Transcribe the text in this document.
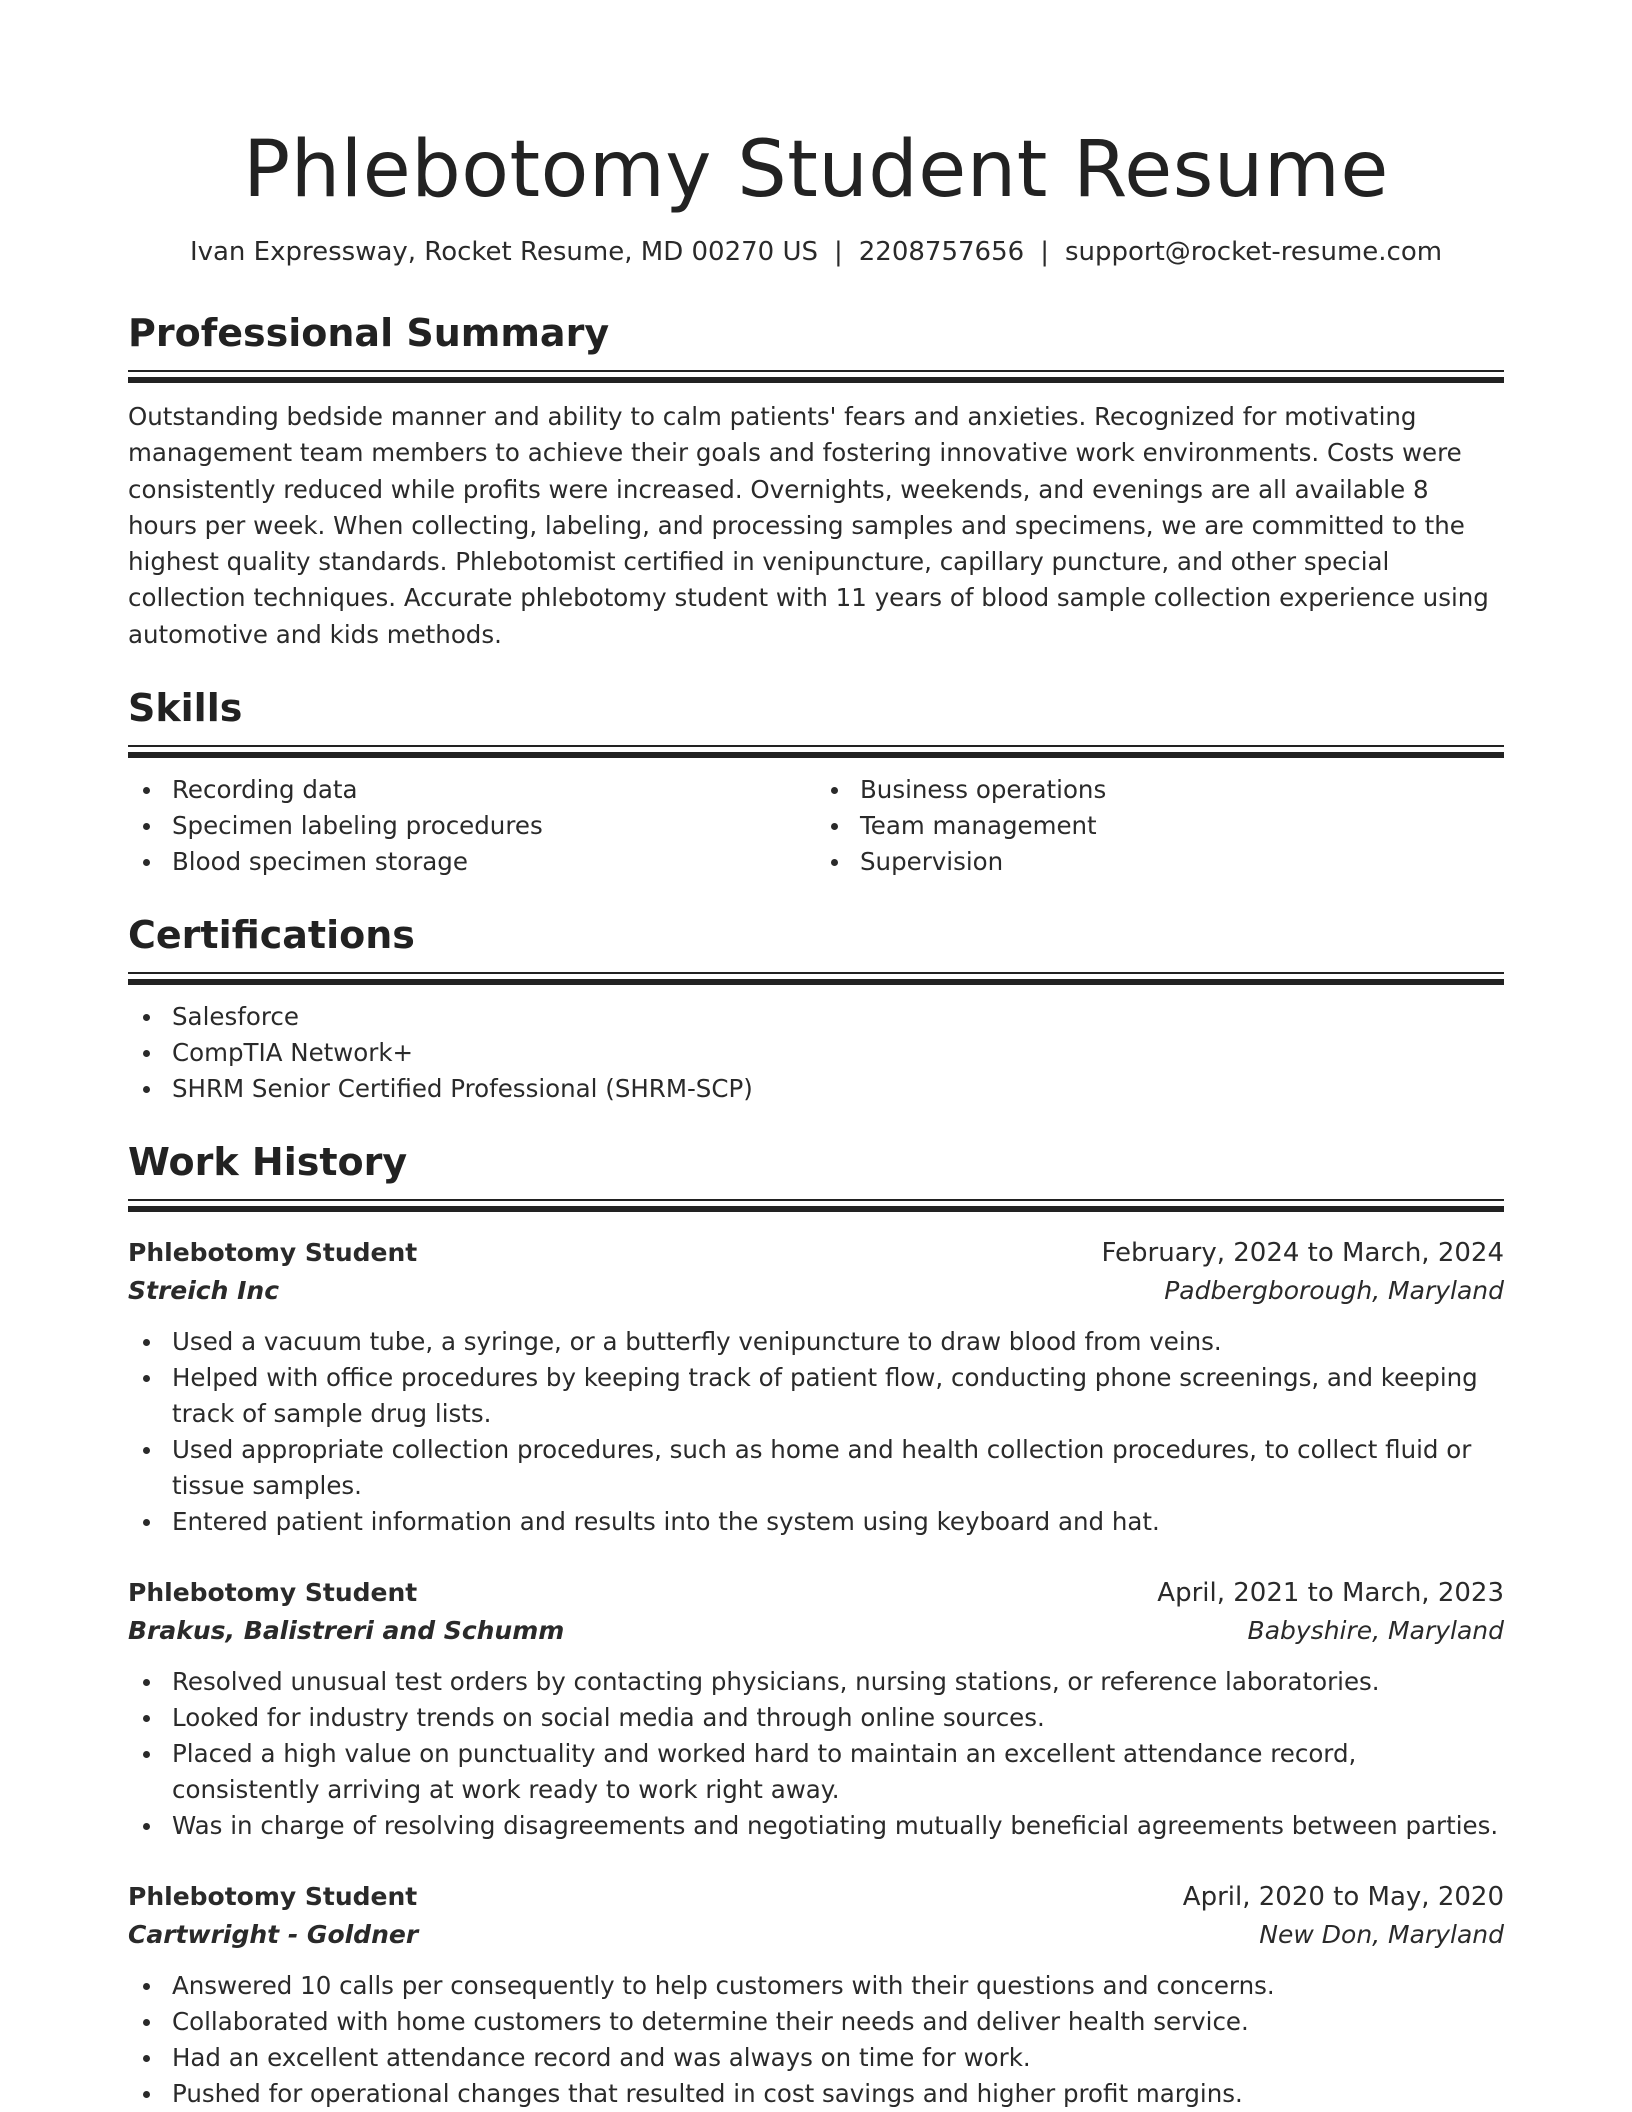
Phlebotomy Student Resume
Ivan Expressway, Rocket Resume, MD 00270 US | 2208757656 | support@rocket-resume.com
Professional Summary

Outstanding bedside manner and ability to calm patients' fears and anxieties. Recognized for motivating management team members to achieve their goals and fostering innovative work environments. Costs were consistently reduced while profits were increased. Overnights, weekends, and evenings are all available 8 hours per week. When collecting, labeling, and processing samples and specimens, we are committed to the highest quality standards. Phlebotomist certified in venipuncture, capillary puncture, and other special collection techniques. Accurate phlebotomy student with 11 years of blood sample collection experience using automotive and kids methods.

Skills
Recording data
Specimen labeling procedures
Blood specimen storage
Business operations
Team management
Supervision
Certifications
Salesforce
CompTIA Network+
SHRM Senior Certified Professional (SHRM-SCP)
Work History
Phlebotomy Student	February, 2024 to March, 2024
Streich Inc	Padbergborough, Maryland
Used a vacuum tube, a syringe, or a butterfly venipuncture to draw blood from veins.
Helped with office procedures by keeping track of patient flow, conducting phone screenings, and keeping track of sample drug lists.
Used appropriate collection procedures, such as home and health collection procedures, to collect fluid or tissue samples.
Entered patient information and results into the system using keyboard and hat.
Phlebotomy Student	April, 2021 to March, 2023
Brakus, Balistreri and Schumm	Babyshire, Maryland
Resolved unusual test orders by contacting physicians, nursing stations, or reference laboratories.
Looked for industry trends on social media and through online sources.
Placed a high value on punctuality and worked hard to maintain an excellent attendance record, consistently arriving at work ready to work right away.
Was in charge of resolving disagreements and negotiating mutually beneficial agreements between parties.
Phlebotomy Student	April, 2020 to May, 2020
Cartwright - Goldner	New Don, Maryland
Answered 10 calls per consequently to help customers with their questions and concerns.
Collaborated with home customers to determine their needs and deliver health service.
Had an excellent attendance record and was always on time for work.
Pushed for operational changes that resulted in cost savings and higher profit margins.
